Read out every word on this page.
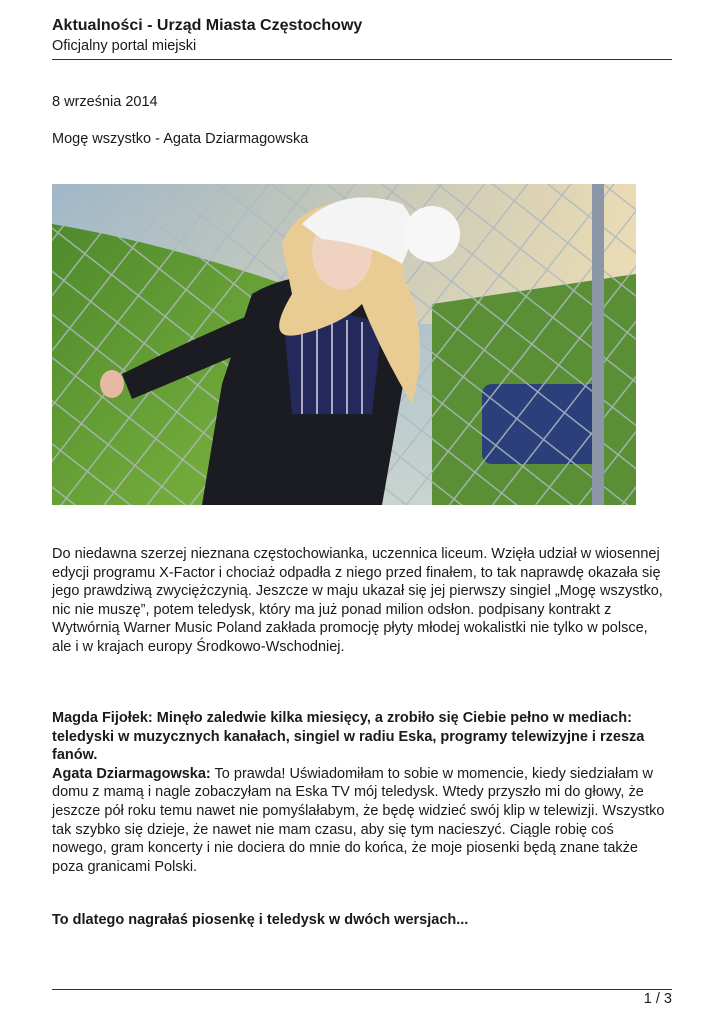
Aktualności - Urząd Miasta Częstochowy
Oficjalny portal miejski
8 września 2014
Mogę wszystko - Agata Dziarmagowska

Do niedawna szerzej nieznana częstochowianka, uczennica liceum. Wzięła udział w wiosennej

edycji programu X-Factor i chociaż odpadła z niego przed finałem, to tak naprawdę okazała się

jego prawdziwą zwyciężczynią. Jeszcze w maju ukazał się jej pierwszy singiel „Mogę wszystko,

nic nie muszę”, potem teledysk, który ma już ponad milion odsłon. podpisany kontrakt z

Wytwórnią Warner Music Poland zakłada promocję płyty młodej wokalistki nie tylko w polsce,

ale i w krajach europy Środkowo-Wschodniej.

Magda Fijołek: Minęło zaledwie kilka miesięcy, a zrobiło się Ciebie pełno w mediach:

teledyski w muzycznych kanałach, singiel w radiu Eska, programy telewizyjne i rzesza

fanów.

Agata Dziarmagowska: To prawda! Uświadomiłam to sobie w momencie, kiedy siedziałam w

domu z mamą i nagle zobaczyłam na Eska TV mój teledysk. Wtedy przyszło mi do głowy, że

jeszcze pół roku temu nawet nie pomyślałabym, że będę widzieć swój klip w telewizji. Wszystko

tak szybko się dzieje, że nawet nie mam czasu, aby się tym nacieszyć. Ciągle robię coś

nowego, gram koncerty i nie dociera do mnie do końca, że moje piosenki będą znane także

poza granicami Polski.

To dlatego nagrałaś piosenkę i teledysk w dwóch wersjach...
1 / 3
